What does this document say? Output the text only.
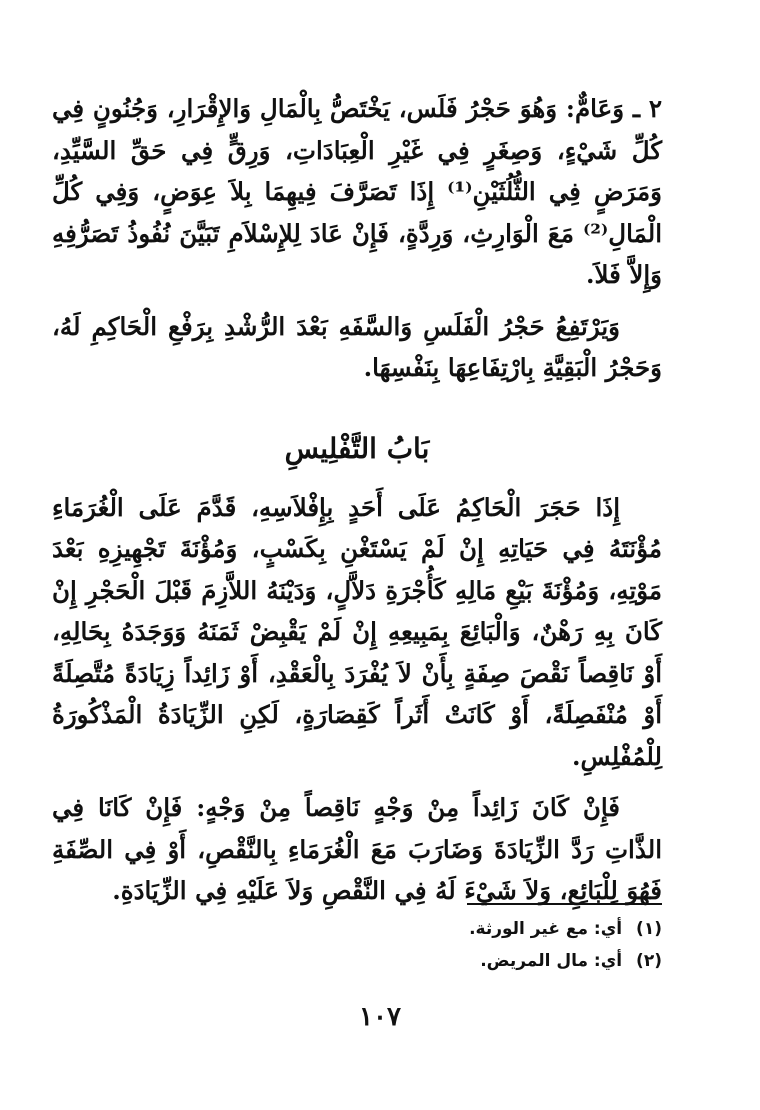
٢ ـ وَعَامٌّ: وَهُوَ حَجْرُ فَلَس، يَخْتَصُّ بِالْمَالِ وَالإِقْرَارِ، وَجُنُونٍ فِي كُلِّ شَيْءٍ، وَصِغَرٍ فِي غَيْرِ الْعِبَادَاتِ، وَرِقٍّ فِي حَقِّ السَّيِّدِ، وَمَرَضٍ فِي الثُّلُثَيْنِ⁽¹⁾ إِذَا تَصَرَّفَ فِيهِمَا بِلاَ عِوَضٍ، وَفِي كُلِّ الْمَالِ⁽²⁾ مَعَ الْوَارِثِ، وَرِدَّةٍ، فَإِنْ عَادَ لِلإِسْلاَمِ تَبَيَّنَ نُفُوذُ تَصَرُّفِهِ وَإِلاَّ فَلاَ.

وَيَرْتَفِعُ حَجْرُ الْفَلَسِ وَالسَّفَهِ بَعْدَ الرُّشْدِ بِرَفْعِ الْحَاكِمِ لَهُ، وَحَجْرُ الْبَقِيَّةِ بِارْتِفَاعِهَا بِنَفْسِهَا.

بَابُ التَّفْلِيسِ

إِذَا حَجَرَ الْحَاكِمُ عَلَى أَحَدٍ بِإِفْلاَسِهِ، قَدَّمَ عَلَى الْغُرَمَاءِ مُؤْنَتَهُ فِي حَيَاتِهِ إِنْ لَمْ يَسْتَغْنِ بِكَسْبٍ، وَمُؤْنَةَ تَجْهِيزِهِ بَعْدَ مَوْتِهِ، وَمُؤْنَةَ بَيْعِ مَالِهِ كَأُجْرَةِ دَلاَّلٍ، وَدَيْنَهُ اللاَّزِمَ قَبْلَ الْحَجْرِ إِنْ كَانَ بِهِ رَهْنٌ، وَالْبَائِعَ بِمَبِيعِهِ إِنْ لَمْ يَقْبِضْ ثَمَنَهُ وَوَجَدَهُ بِحَالِهِ، أَوْ نَاقِصاً نَقْصَ صِفَةٍ بِأَنْ لاَ يُفْرَدَ بِالْعَقْدِ، أَوْ زَائِداً زِيَادَةً مُتَّصِلَةً أَوْ مُنْفَصِلَةً، أَوْ كَانَتْ أَثَراً كَقِصَارَةٍ، لَكِنِ الزِّيَادَةُ الْمَذْكُورَةُ لِلْمُفْلِسِ.

فَإِنْ كَانَ زَائِداً مِنْ وَجْهٍ نَاقِصاً مِنْ وَجْهٍ: فَإِنْ كَانَا فِي الذَّاتِ رَدَّ الزِّيَادَةَ وَضَارَبَ مَعَ الْغُرَمَاءِ بِالنَّقْصِ، أَوْ فِي الصِّفَةِ فَهُوَ لِلْبَائِعِ، وَلاَ شَيْءَ لَهُ فِي النَّقْصِ وَلاَ عَلَيْهِ فِي الزِّيَادَةِ.

(١) أي: مع غير الورثة.
(٢) أي: مال المريض.
١٠٧
